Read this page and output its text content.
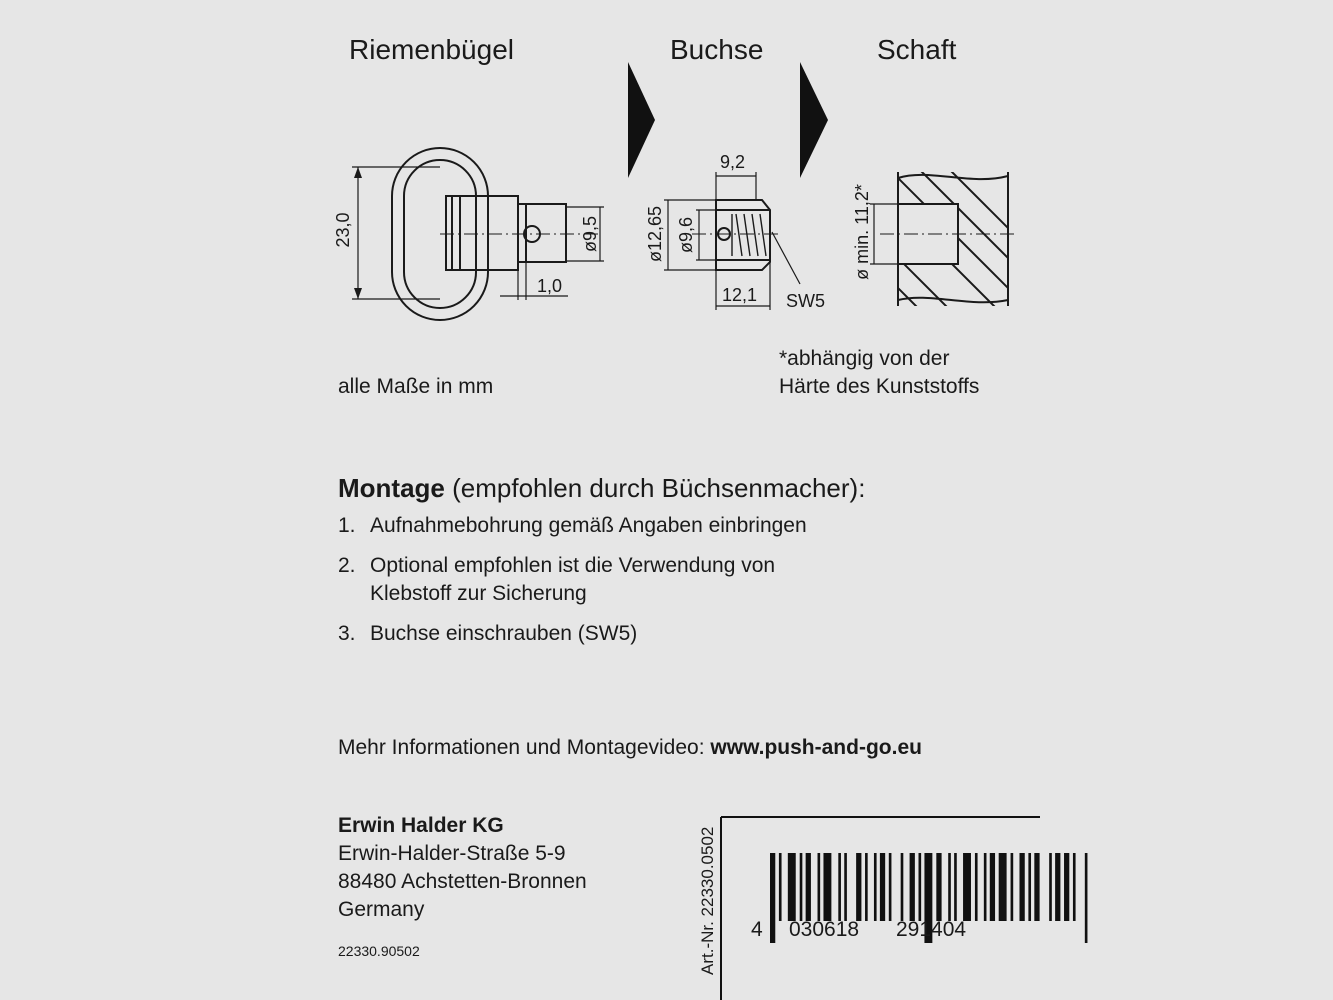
Riemenbügel	Buchse	Schaft
23,0	ø9,5
1,0
9,2
ø12,65 ø9,6
12,1 SW5
ø min. 11,2*
alle Maße in mm
*abhängig von der
Härte des Kunststoffs
Montage (empfohlen durch Büchsenmacher):
1. Aufnahmebohrung gemäß Angaben einbringen
2. Optional empfohlen ist die Verwendung von
Klebstoff zur Sicherung
3. Buchse einschrauben (SW5)
Mehr Informationen und Montagevideo: www.push-and-go.eu
Erwin Halder KG
Erwin-Halder-Straße 5-9
88480 Achstetten-Bronnen
Germany
22330.90502	Art.-Nr. 22330.0502 4 030618 291404
